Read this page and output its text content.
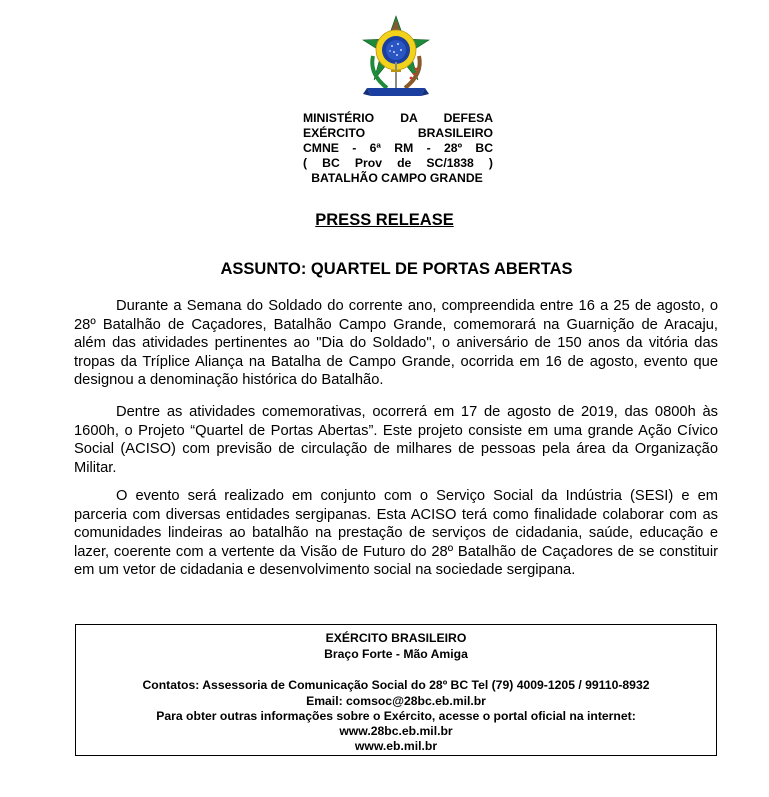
MINISTÉRIO DA DEFESA
EXÉRCITO BRASILEIRO
CMNE - 6ª RM - 28º BC
( BC Prov de SC/1838 )
BATALHÃO CAMPO GRANDE
PRESS RELEASE
ASSUNTO: QUARTEL DE PORTAS ABERTAS

Durante a Semana do Soldado do corrente ano, compreendida entre 16 a 25 de agosto, o 28º Batalhão de Caçadores, Batalhão Campo Grande, comemorará na Guarnição de Aracaju, além das atividades pertinentes ao "Dia do Soldado", o aniversário de 150 anos da vitória das tropas da Tríplice Aliança na Batalha de Campo Grande, ocorrida em 16 de agosto, evento que designou a denominação histórica do Batalhão.

Dentre as atividades comemorativas, ocorrerá em 17 de agosto de 2019, das 0800h às 1600h, o Projeto “Quartel de Portas Abertas”. Este projeto consiste em uma grande Ação Cívico Social (ACISO) com previsão de circulação de milhares de pessoas pela área da Organização Militar.

O evento será realizado em conjunto com o Serviço Social da Indústria (SESI) e em parceria com diversas entidades sergipanas. Esta ACISO terá como finalidade colaborar com as comunidades lindeiras ao batalhão na prestação de serviços de cidadania, saúde, educação e lazer, coerente com a vertente da Visão de Futuro do 28º Batalhão de Caçadores de se constituir em um vetor de cidadania e desenvolvimento social na sociedade sergipana.

EXÉRCITO BRASILEIRO
Braço Forte - Mão Amiga
Contatos: Assessoria de Comunicação Social do 28º BC Tel (79) 4009-1205 / 99110-8932
Email: comsoc@28bc.eb.mil.br
Para obter outras informações sobre o Exército, acesse o portal oficial na internet:
www.28bc.eb.mil.br
www.eb.mil.br
